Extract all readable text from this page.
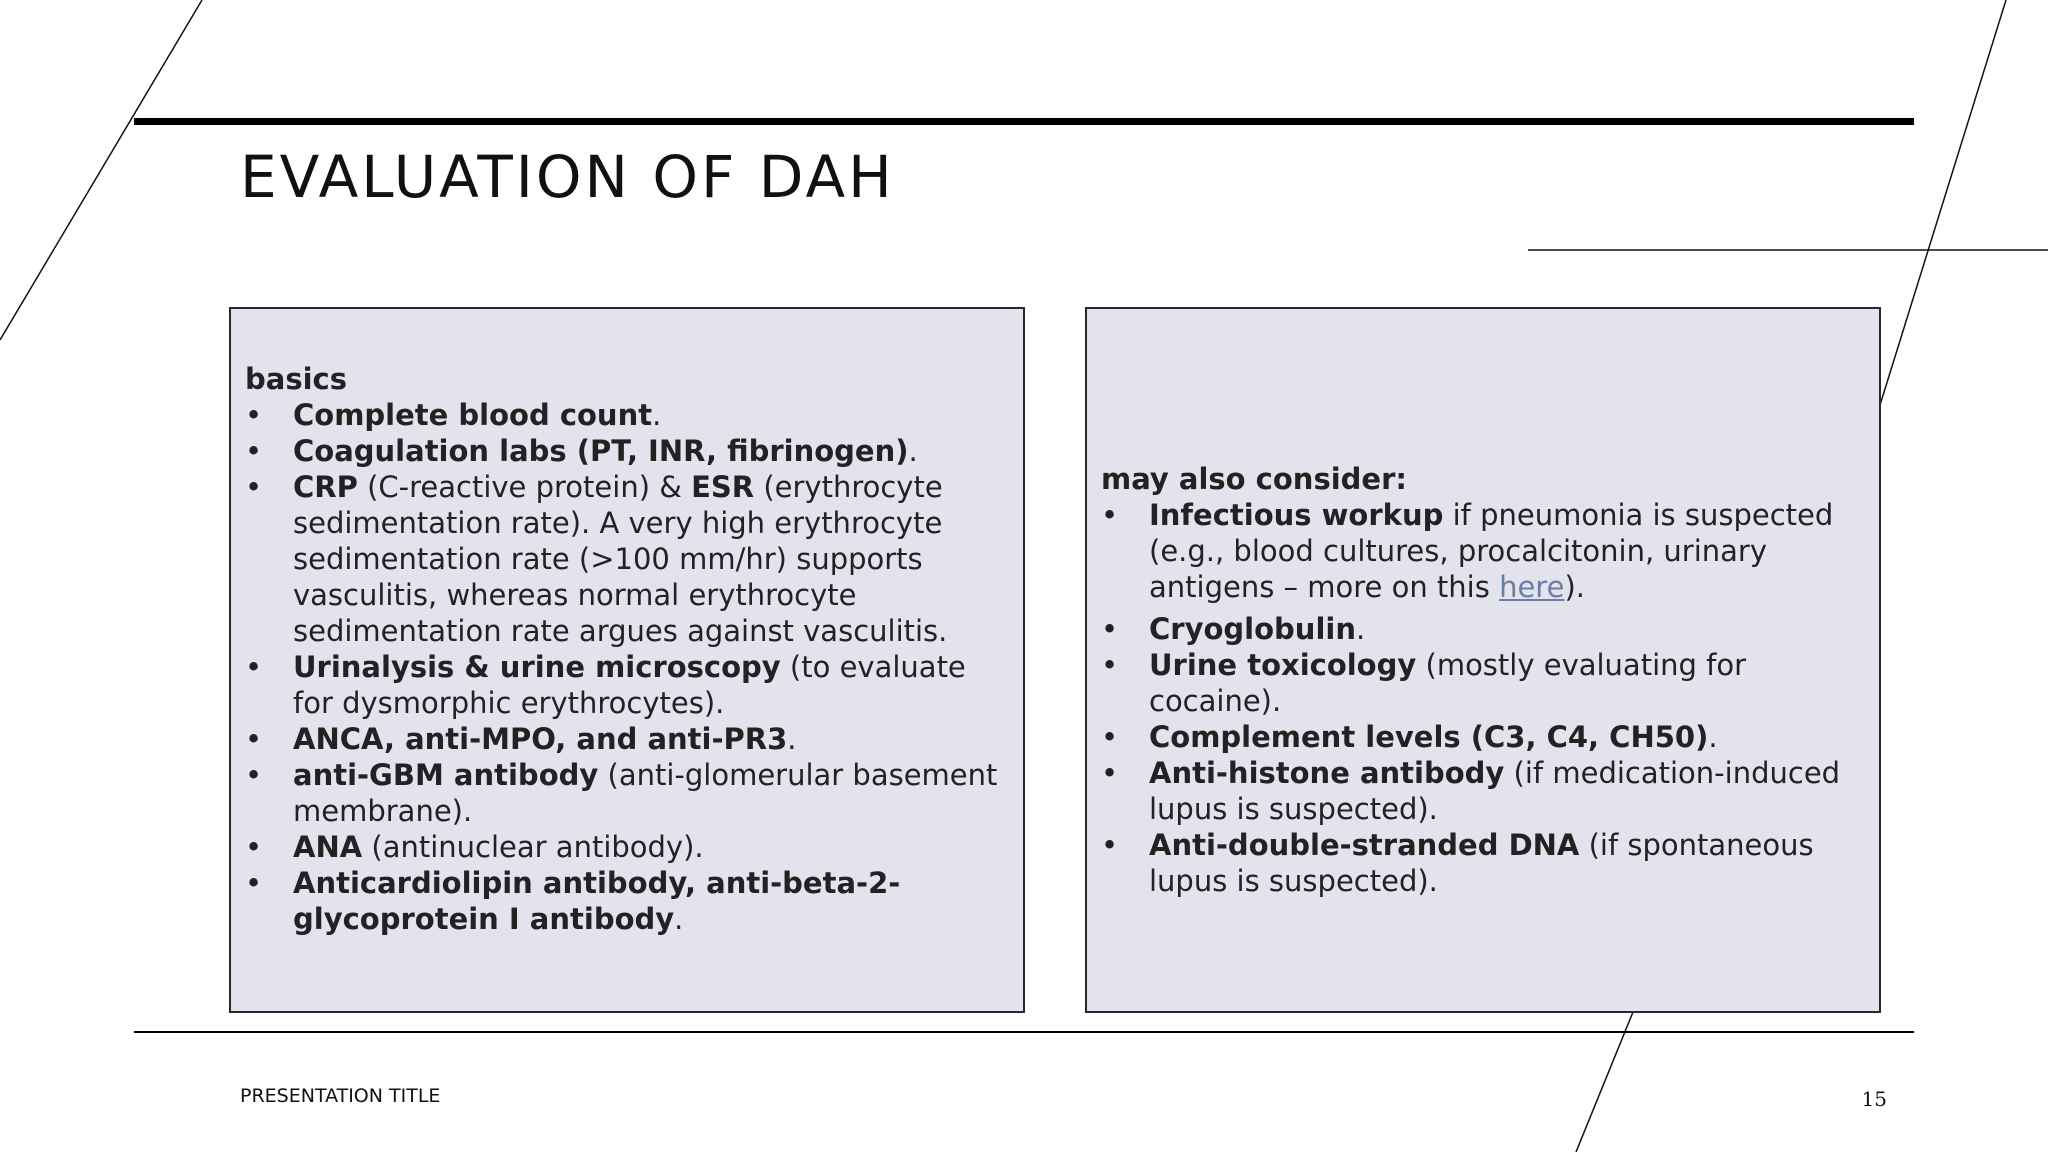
EVALUATION OF DAH
basics
• Complete blood count.
• Coagulation labs (PT, INR, fibrinogen).
• CRP (C-reactive protein) & ESR (erythrocyte sedimentation rate). A very high erythrocyte sedimentation rate (>100 mm/hr) supports vasculitis, whereas normal erythrocyte sedimentation rate argues against vasculitis.
• Urinalysis & urine microscopy (to evaluate for dysmorphic erythrocytes).
• ANCA, anti-MPO, and anti-PR3.
• anti-GBM antibody (anti-glomerular basement membrane).
• ANA (antinuclear antibody).
• Anticardiolipin antibody, anti-beta-2-glycoprotein I antibody.
may also consider:
• Infectious workup if pneumonia is suspected (e.g., blood cultures, procalcitonin, urinary antigens – more on this here).
• Cryoglobulin.
• Urine toxicology (mostly evaluating for cocaine).
• Complement levels (C3, C4, CH50).
• Anti-histone antibody (if medication-induced lupus is suspected).
• Anti-double-stranded DNA (if spontaneous lupus is suspected).
PRESENTATION TITLE	15
